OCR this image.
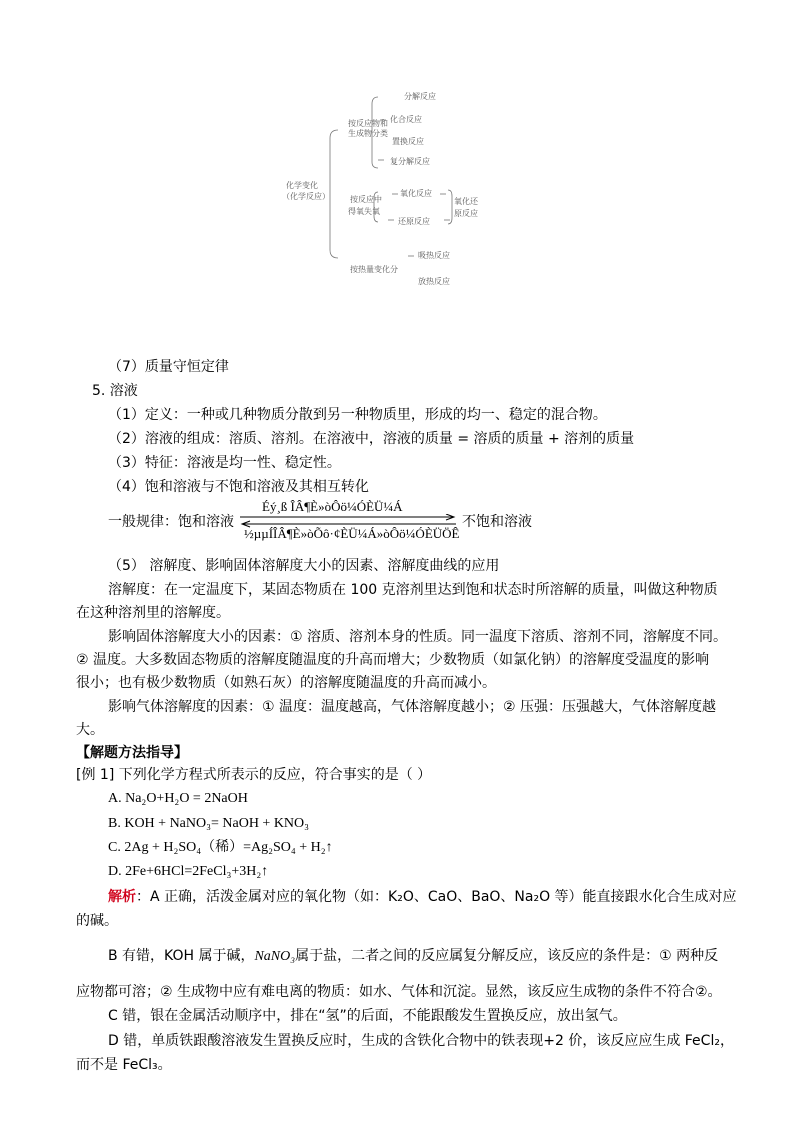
化学变化
（化学反应）
按反应物和
生成物分类
分解反应
化合反应
置换反应
复分解反应
按反应中
得氧失氧
氧化反应
还原反应
氧化还
原反应
按热量变化分
吸热反应
放热反应
（7）质量守恒定律
5. 溶液
（1）定义：一种或几种物质分散到另一种物质里，形成的均一、稳定的混合物。
（2）溶液的组成：溶质、溶剂。在溶液中，溶液的质量 = 溶质的质量 + 溶剂的质量
（3）特征：溶液是均一性、稳定性。
（4）饱和溶液与不饱和溶液及其相互转化
一般规律：饱和溶液
Éý¸ß ÎÂ¶È»òÔö¼ÓÈÜ¼Á
½µµÍÎÂ¶È»òÕô·¢ÈÜ¼Á»òÔö¼ÓÈÜÖÊ
不饱和溶液
（5） 溶解度、影响固体溶解度大小的因素、溶解度曲线的应用
溶解度：在一定温度下，某固态物质在 100 克溶剂里达到饱和状态时所溶解的质量，叫做这种物质
在这种溶剂里的溶解度。
影响固体溶解度大小的因素：① 溶质、溶剂本身的性质。同一温度下溶质、溶剂不同，溶解度不同。
② 温度。大多数固态物质的溶解度随温度的升高而增大；少数物质（如氯化钠）的溶解度受温度的影响
很小；也有极少数物质（如熟石灰）的溶解度随温度的升高而减小。
影响气体溶解度的因素：① 温度：温度越高，气体溶解度越小；② 压强：压强越大，气体溶解度越
大。
【解题方法指导】
[例 1] 下列化学方程式所表示的反应，符合事实的是（ ）
A. Na₂O+H₂O = 2NaOH
B. KOH + NaNO₃= NaOH + KNO₃
C. 2Ag + H₂SO₄（稀）=Ag₂SO₄ + H₂↑
D. 2Fe+6HCl=2FeCl₃+3H₂↑
解析：A 正确，活泼金属对应的氧化物（如：K₂O、CaO、BaO、Na₂O 等）能直接跟水化合生成对应
的碱。
B 有错，KOH 属于碱，NaNO₃属于盐，二者之间的反应属复分解反应，该反应的条件是：① 两种反
应物都可溶；② 生成物中应有难电离的物质：如水、气体和沉淀。显然，该反应生成物的条件不符合②。
C 错，银在金属活动顺序中，排在“氢”的后面，不能跟酸发生置换反应，放出氢气。
D 错，单质铁跟酸溶液发生置换反应时，生成的含铁化合物中的铁表现+2 价，该反应应生成 FeCl₂，
而不是 FeCl₃。
